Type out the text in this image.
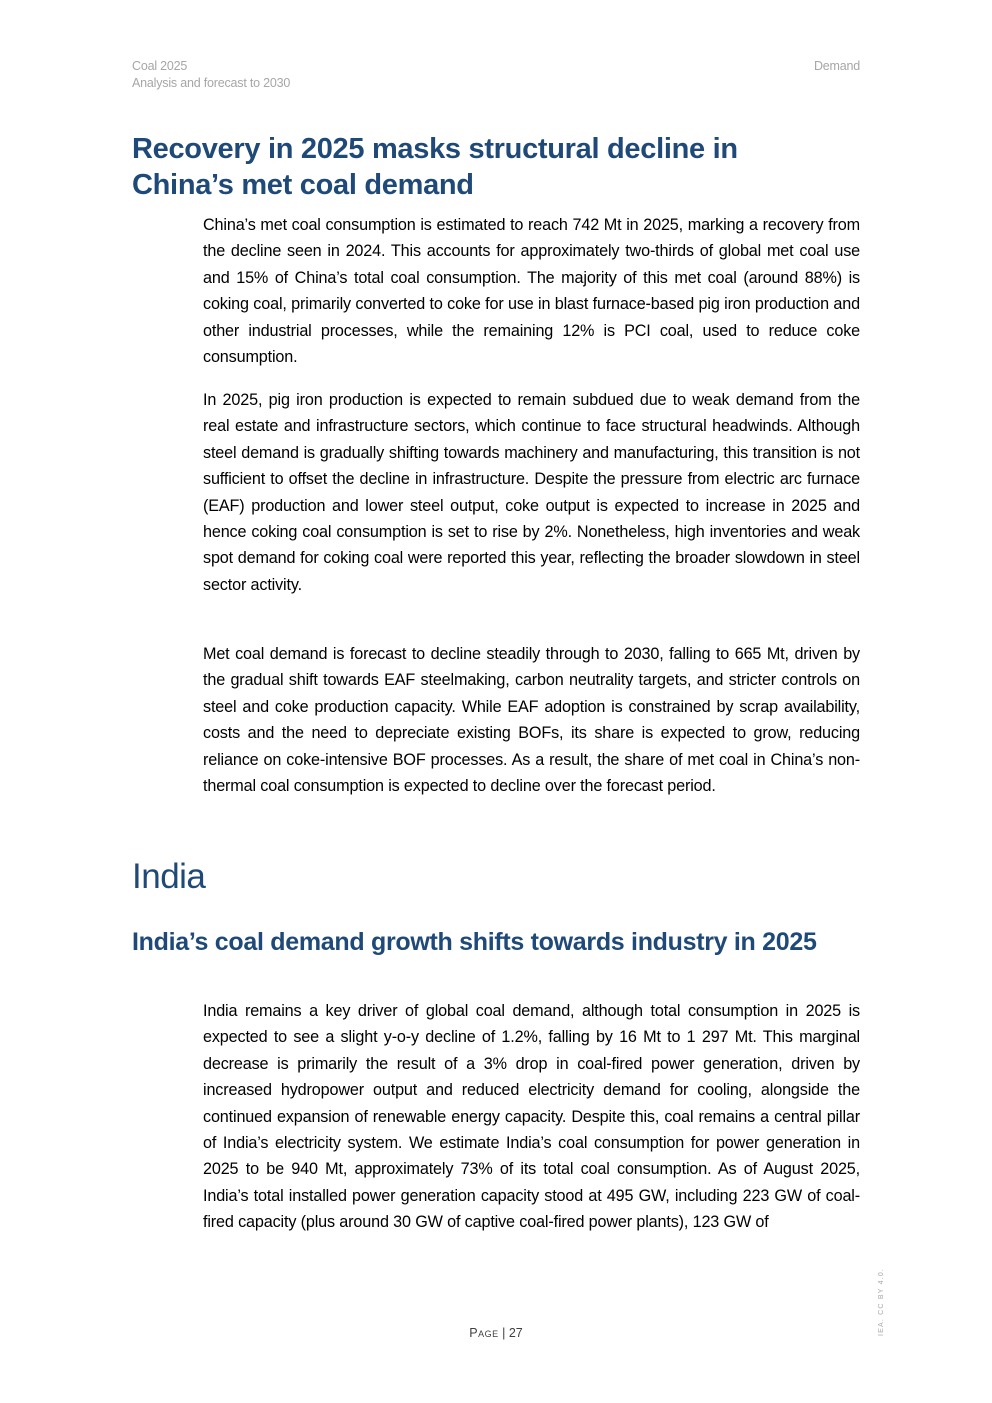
Coal 2025
Analysis and forecast to 2030
Demand
Recovery in 2025 masks structural decline in China’s met coal demand

China’s met coal consumption is estimated to reach 742 Mt in 2025, marking a recovery from the decline seen in 2024. This accounts for approximately two-thirds of global met coal use and 15% of China’s total coal consumption. The majority of this met coal (around 88%) is coking coal, primarily converted to coke for use in blast furnace-based pig iron production and other industrial processes, while the remaining 12% is PCI coal, used to reduce coke consumption.

In 2025, pig iron production is expected to remain subdued due to weak demand from the real estate and infrastructure sectors, which continue to face structural headwinds. Although steel demand is gradually shifting towards machinery and manufacturing, this transition is not sufficient to offset the decline in infrastructure. Despite the pressure from electric arc furnace (EAF) production and lower steel output, coke output is expected to increase in 2025 and hence coking coal consumption is set to rise by 2%. Nonetheless, high inventories and weak spot demand for coking coal were reported this year, reflecting the broader slowdown in steel sector activity.

Met coal demand is forecast to decline steadily through to 2030, falling to 665 Mt, driven by the gradual shift towards EAF steelmaking, carbon neutrality targets, and stricter controls on steel and coke production capacity. While EAF adoption is constrained by scrap availability, costs and the need to depreciate existing BOFs, its share is expected to grow, reducing reliance on coke-intensive BOF processes. As a result, the share of met coal in China’s non-thermal coal consumption is expected to decline over the forecast period.

India
India’s coal demand growth shifts towards industry in 2025

India remains a key driver of global coal demand, although total consumption in 2025 is expected to see a slight y-o-y decline of 1.2%, falling by 16 Mt to 1 297 Mt. This marginal decrease is primarily the result of a 3% drop in coal-fired power generation, driven by increased hydropower output and reduced electricity demand for cooling, alongside the continued expansion of renewable energy capacity. Despite this, coal remains a central pillar of India’s electricity system. We estimate India’s coal consumption for power generation in 2025 to be 940 Mt, approximately 73% of its total coal consumption. As of August 2025, India’s total installed power generation capacity stood at 495 GW, including 223 GW of coal-fired capacity (plus around 30 GW of captive coal-fired power plants), 123 GW of

Page | 27	IEA. CC BY 4.0.
